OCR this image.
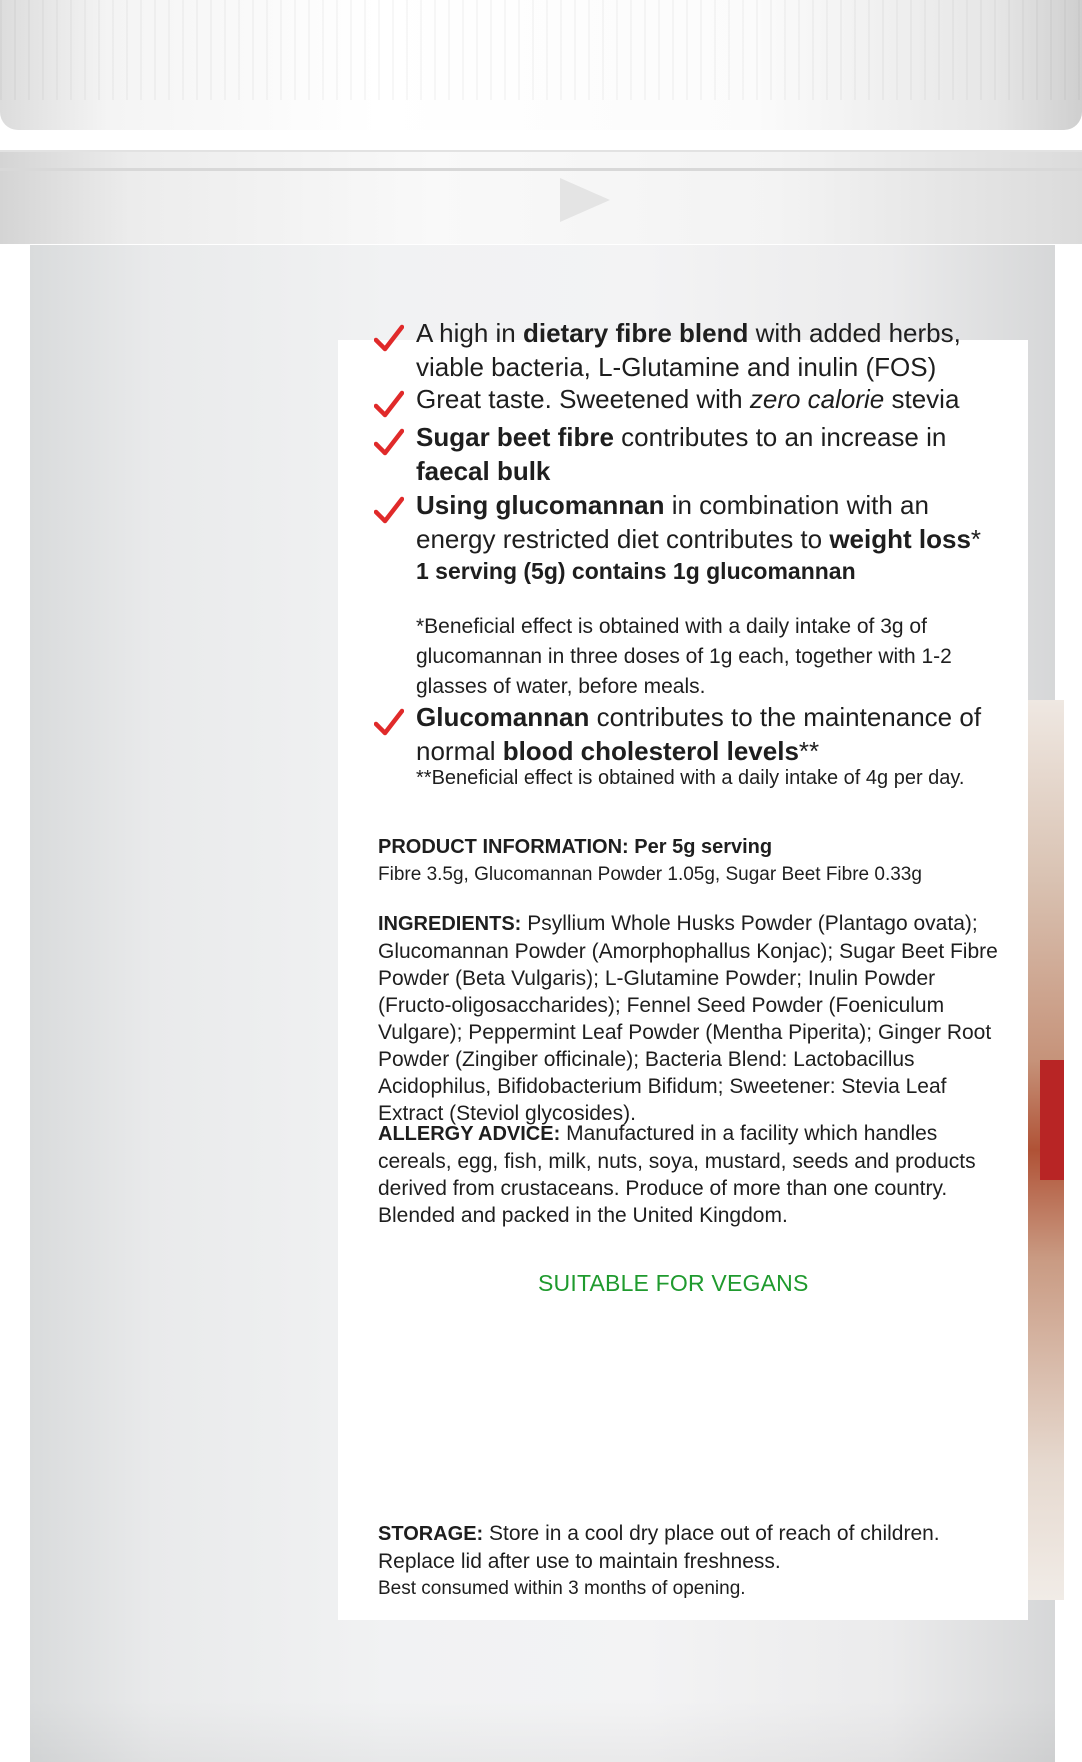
A high in dietary fibre blend with added herbs, viable bacteria, L-Glutamine and inulin (FOS)
Great taste. Sweetened with zero calorie stevia
Sugar beet fibre contributes to an increase in faecal bulk
Using glucomannan in combination with an energy restricted diet contributes to weight loss*
1 serving (5g) contains 1g glucomannan
*Beneficial effect is obtained with a daily intake of 3g of glucomannan in three doses of 1g each, together with 1-2 glasses of water, before meals.
Glucomannan contributes to the maintenance of normal blood cholesterol levels**
**Beneficial effect is obtained with a daily intake of 4g per day.
PRODUCT INFORMATION: Per 5g serving
Fibre 3.5g, Glucomannan Powder 1.05g, Sugar Beet Fibre 0.33g
INGREDIENTS: Psyllium Whole Husks Powder (Plantago ovata); Glucomannan Powder (Amorphophallus Konjac); Sugar Beet Fibre Powder (Beta Vulgaris); L-Glutamine Powder; Inulin Powder (Fructo-oligosaccharides); Fennel Seed Powder (Foeniculum Vulgare); Peppermint Leaf Powder (Mentha Piperita); Ginger Root Powder (Zingiber officinale); Bacteria Blend: Lactobacillus Acidophilus, Bifidobacterium Bifidum; Sweetener: Stevia Leaf Extract (Steviol glycosides).
ALLERGY ADVICE: Manufactured in a facility which handles cereals, egg, fish, milk, nuts, soya, mustard, seeds and products derived from crustaceans. Produce of more than one country. Blended and packed in the United Kingdom.
SUITABLE FOR VEGANS
STORAGE: Store in a cool dry place out of reach of children.
Replace lid after use to maintain freshness.
Best consumed within 3 months of opening.
